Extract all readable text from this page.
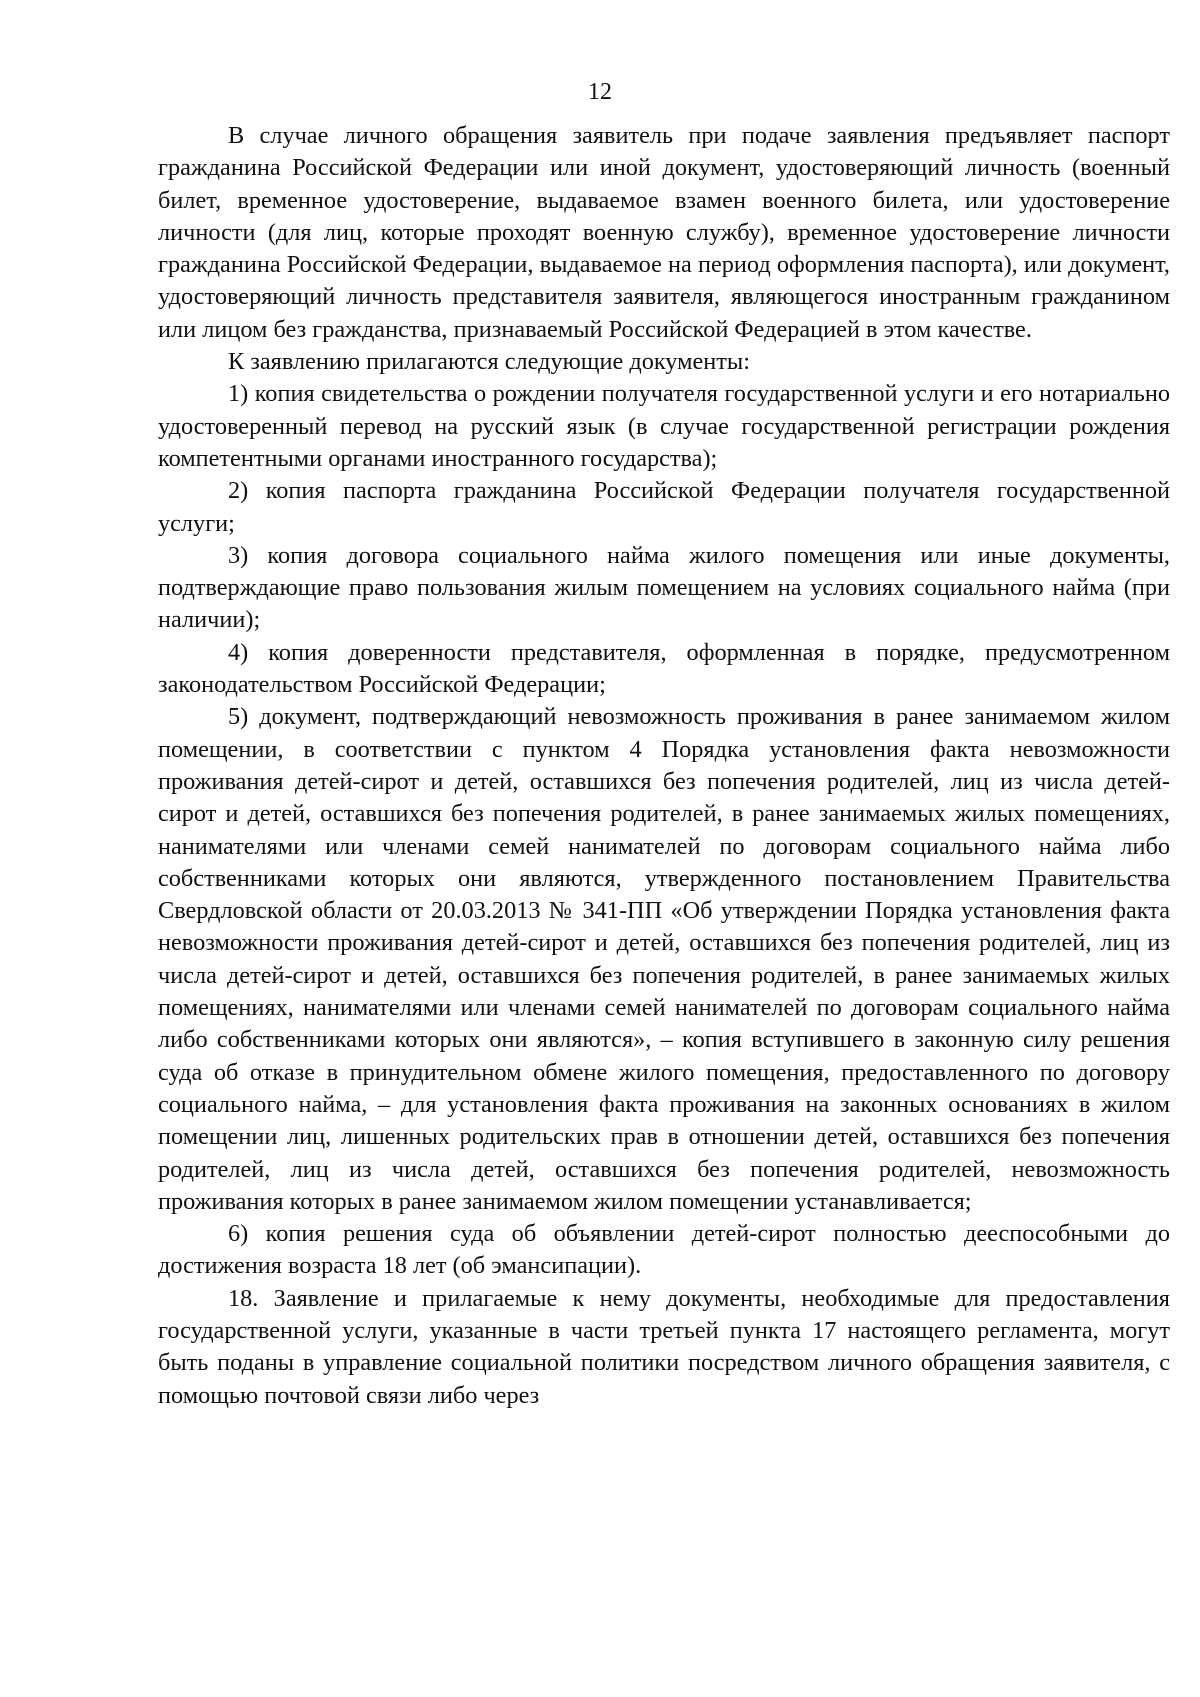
12

В случае личного обращения заявитель при подаче заявления предъявляет паспорт гражданина Российской Федерации или иной документ, удостоверяющий личность (военный билет, временное удостоверение, выдаваемое взамен военного билета, или удостоверение личности (для лиц, которые проходят военную службу), временное удостоверение личности гражданина Российской Федерации, выдаваемое на период оформления паспорта), или документ, удостоверяющий личность представителя заявителя, являющегося иностранным гражданином или лицом без гражданства, признаваемый Российской Федерацией в этом качестве.

К заявлению прилагаются следующие документы:

1) копия свидетельства о рождении получателя государственной услуги и его нотариально удостоверенный перевод на русский язык (в случае государственной регистрации рождения компетентными органами иностранного государства);

2) копия паспорта гражданина Российской Федерации получателя государственной услуги;

3) копия договора социального найма жилого помещения или иные документы, подтверждающие право пользования жилым помещением на условиях социального найма (при наличии);

4) копия доверенности представителя, оформленная в порядке, предусмотренном законодательством Российской Федерации;

5) документ, подтверждающий невозможность проживания в ранее занимаемом жилом помещении, в соответствии с пунктом 4 Порядка установления факта невозможности проживания детей-сирот и детей, оставшихся без попечения родителей, лиц из числа детей-сирот и детей, оставшихся без попечения родителей, в ранее занимаемых жилых помещениях, нанимателями или членами семей нанимателей по договорам социального найма либо собственниками которых они являются, утвержденного постановлением Правительства Свердловской области от 20.03.2013 № 341-ПП «Об утверждении Порядка установления факта невозможности проживания детей-сирот и детей, оставшихся без попечения родителей, лиц из числа детей-сирот и детей, оставшихся без попечения родителей, в ранее занимаемых жилых помещениях, нанимателями или членами семей нанимателей по договорам социального найма либо собственниками которых они являются», – копия вступившего в законную силу решения суда об отказе в принудительном обмене жилого помещения, предоставленного по договору социального найма, – для установления факта проживания на законных основаниях в жилом помещении лиц, лишенных родительских прав в отношении детей, оставшихся без попечения родителей, лиц из числа детей, оставшихся без попечения родителей, невозможность проживания которых в ранее занимаемом жилом помещении устанавливается;

6) копия решения суда об объявлении детей-сирот полностью дееспособными до достижения возраста 18 лет (об эмансипации).

18. Заявление и прилагаемые к нему документы, необходимые для предоставления государственной услуги, указанные в части третьей пункта 17 настоящего регламента, могут быть поданы в управление социальной политики посредством личного обращения заявителя, с помощью почтовой связи либо через
